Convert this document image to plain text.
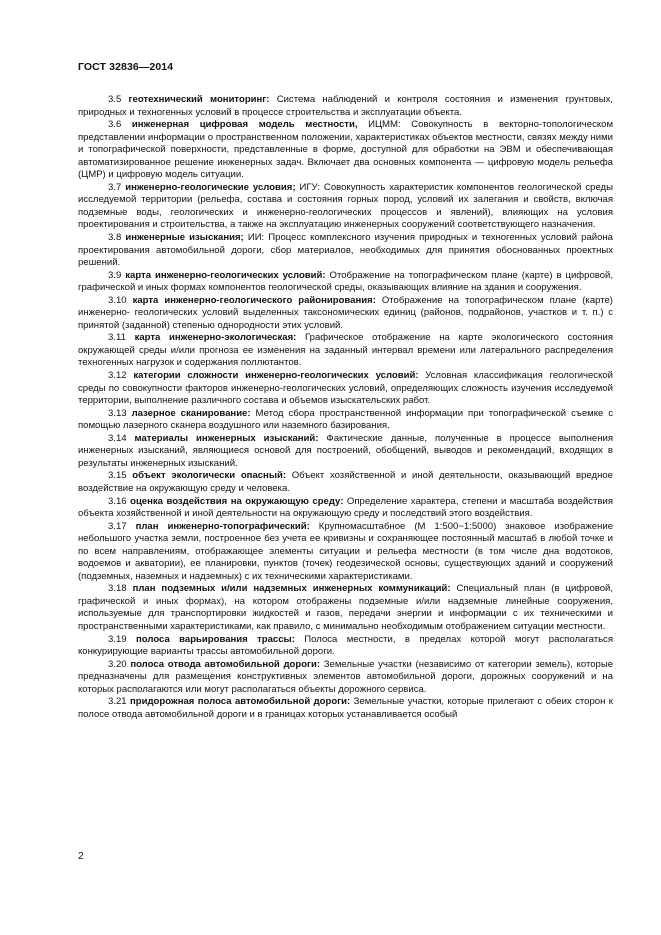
ГОСТ 32836—2014

3.5 геотехнический мониторинг: Система наблюдений и контроля состояния и изменения грунтовых, природных и техногенных условий в процессе строительства и эксплуатации объекта.

3.6 инженерная цифровая модель местности, ИЦММ: Совокупность в векторно-топологическом представлении информации о пространственном положении, характеристиках объектов местности, связях между ними и топографической поверхности, представленные в форме, доступной для обработки на ЭВМ и обеспечивающая автоматизированное решение инженерных задач. Включает два основных компонента — цифровую модель рельефа (ЦМР) и цифровую модель ситуации.

3.7 инженерно-геологические условия; ИГУ: Совокупность характеристик компонентов геологической среды исследуемой территории (рельефа, состава и состояния горных пород, условий их залегания и свойств, включая подземные воды, геологических и инженерно-геологических процессов и явлений), влияющих на условия проектирования и строительства, а также на эксплуатацию инженерных сооружений соответствующего назначения.

3.8 инженерные изыскания; ИИ: Процесс комплексного изучения природных и техногенных условий района проектирования автомобильной дороги, сбор материалов, необходимых для принятия обоснованных проектных решений.

3.9 карта инженерно-геологических условий: Отображение на топографическом плане (карте) в цифровой, графической и иных формах компонентов геологической среды, оказывающих влияние на здания и сооружения.

3.10 карта инженерно-геологического районирования: Отображение на топографическом плане (карте) инженерно- геологических условий выделенных таксономических единиц (районов, подрайонов, участков и т. п.) с принятой (заданной) степенью однородности этих условий.

3.11 карта инженерно-экологическая: Графическое отображение на карте экологического состояния окружающей среды и/или прогноза ее изменения на заданный интервал времени или латерального распределения техногенных нагрузок и содержания поллютантов.

3.12 категории сложности инженерно-геологических условий: Условная классификация геологической среды по совокупности факторов инженерно-геологических условий, определяющих сложность изучения исследуемой территории, выполнение различного состава и объемов изыскательских работ.

3.13 лазерное сканирование: Метод сбора пространственной информации при топографической съемке с помощью лазерного сканера воздушного или наземного базирования.

3.14 материалы инженерных изысканий: Фактические данные, полученные в процессе выполнения инженерных изысканий, являющиеся основой для построений, обобщений, выводов и рекомендаций, входящих в результаты инженерных изысканий.

3.15 объект экологически опасный: Объект хозяйственной и иной деятельности, оказывающий вредное воздействие на окружающую среду и человека.

3.16 оценка воздействия на окружающую среду: Определение характера, степени и масштаба воздействия объекта хозяйственной и иной деятельности на окружающую среду и последствий этого воздействия.

3.17 план инженерно-топографический: Крупномасштабное (М 1:500~1:5000) знаковое изображение небольшого участка земли, построенное без учета ее кривизны и сохраняющее постоянный масштаб в любой точке и по всем направлениям, отображающее элементы ситуации и рельефа местности (в том числе дна водотоков, водоемов и акватории), ее планировки, пунктов (точек) геодезической основы, существующих зданий и сооружений (подземных, наземных и надземных) с их техническими характеристиками.

3.18 план подземных и/или надземных инженерных коммуникаций: Специальный план (в цифровой, графической и иных формах), на котором отображены подземные и/или надземные линейные сооружения, используемые для транспортировки жидкостей и газов, передачи энергии и информации с их техническими и пространственными характеристиками, как правило, с минимально необходимым отображением ситуации местности.

3.19 полоса варьирования трассы: Полоса местности, в пределах которой могут располагаться конкурирующие варианты трассы автомобильной дороги.

3.20 полоса отвода автомобильной дороги: Земельные участки (независимо от категории земель), которые предназначены для размещения конструктивных элементов автомобильной дороги, дорожных сооружений и на которых располагаются или могут располагаться объекты дорожного сервиса.

3.21 придорожная полоса автомобильной дороги: Земельные участки, которые прилегают с обеих сторон к полосе отвода автомобильной дороги и в границах которых устанавливается особый

2
